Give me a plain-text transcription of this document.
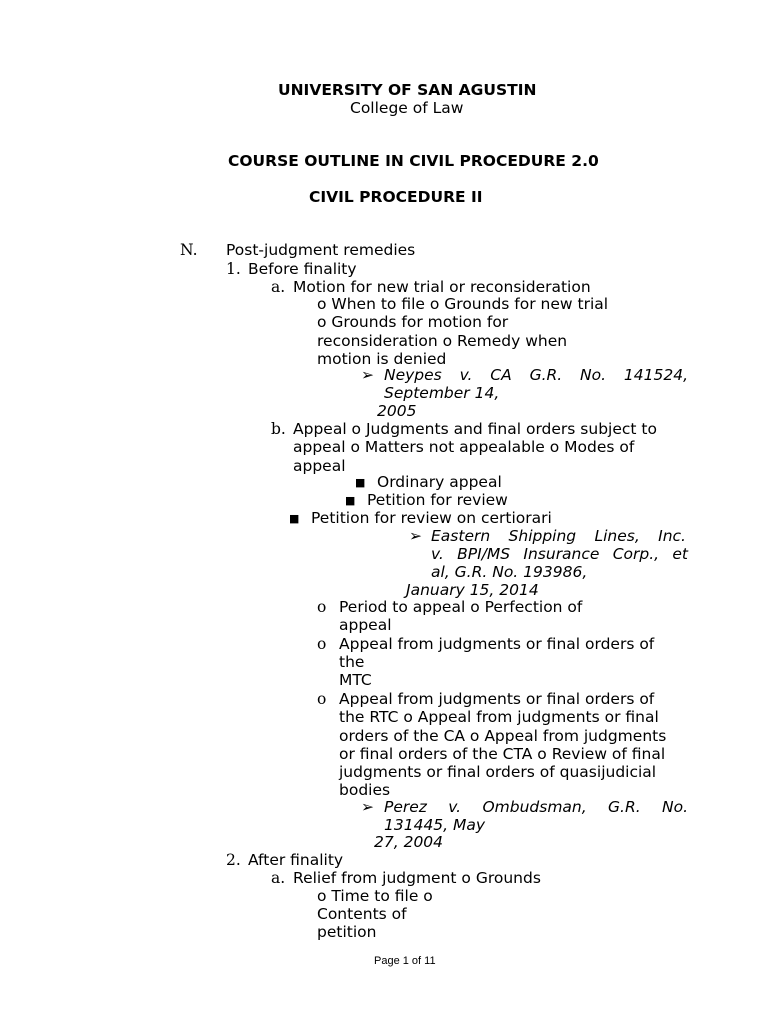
UNIVERSITY OF SAN AGUSTIN
College of Law
COURSE OUTLINE IN CIVIL PROCEDURE 2.0
CIVIL PROCEDURE II
N. Post-judgment remedies
1. Before finality
a. Motion for new trial or reconsideration
o When to file o Grounds for new trial o Grounds for motion for reconsideration o Remedy when motion is denied
➢ Neypes v. CA G.R. No. 141524,
September 14,
2005
b. Appeal o Judgments and final orders subject to appeal o Matters not appealable o Modes of appeal
■ Ordinary appeal
■ Petition for review
■ Petition for review on certiorari
➢ Eastern Shipping Lines, Inc.
v. BPI/MS Insurance Corp., et
al, G.R. No. 193986,
January 15, 2014
o Period to appeal o Perfection of appeal
o Appeal from judgments or final orders of the
MTC
o Appeal from judgments or final orders of the RTC o Appeal from judgments or final orders of the CA o Appeal from judgments or final orders of the CTA o Review of final judgments or final orders of quasijudicial bodies
➢ Perez v. Ombudsman, G.R. No.
131445, May
27, 2004
2. After finality
a. Relief from judgment o Grounds
o Time to file o
Contents of
petition
Page 1 of 11
